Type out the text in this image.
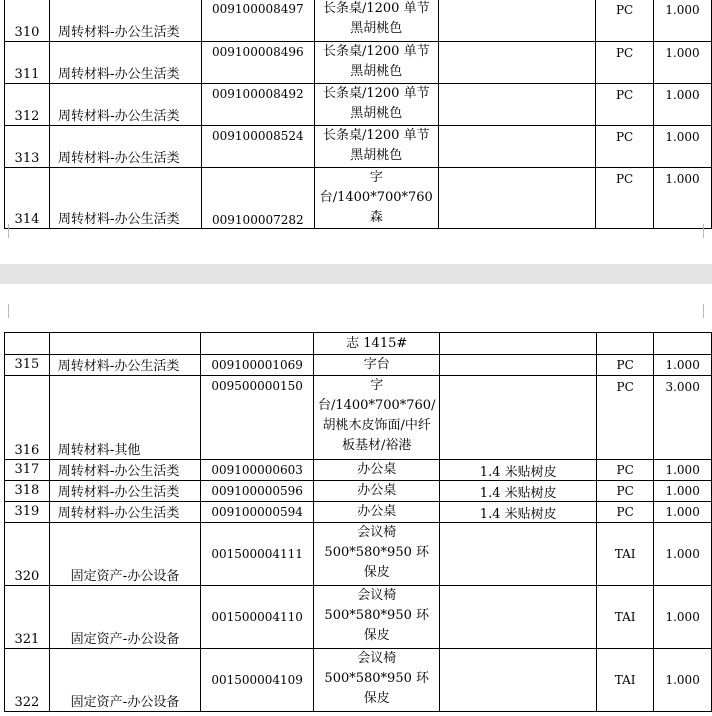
310	周转材料-办公生活类	009100008497	长条桌/1200 单节黑胡桃色		PC	1.000
311	周转材料-办公生活类	009100008496	长条桌/1200 单节黑胡桃色		PC	1.000
312	周转材料-办公生活类	009100008492	长条桌/1200 单节黑胡桃色		PC	1.000
313	周转材料-办公生活类	009100008524	长条桌/1200 单节黑胡桃色		PC	1.000
314	周转材料-办公生活类	009100007282	字台/1400*700*760 森		PC	1.000
			志 1415#			
315	周转材料-办公生活类	009100001069	字台		PC	1.000
316	周转材料-其他	009500000150	字台/1400*700*760/胡桃木皮饰面/中纤板基材/裕港		PC	3.000
317	周转材料-办公生活类	009100000603	办公桌	1.4 米贴树皮	PC	1.000
318	周转材料-办公生活类	009100000596	办公桌	1.4 米贴树皮	PC	1.000
319	周转材料-办公生活类	009100000594	办公桌	1.4 米贴树皮	PC	1.000
320	固定资产-办公设备	001500004111	会议椅500*580*950 环保皮		TAI	1.000
321	固定资产-办公设备	001500004110	会议椅500*580*950 环保皮		TAI	1.000
322	固定资产-办公设备	001500004109	会议椅500*580*950 环保皮		TAI	1.000
